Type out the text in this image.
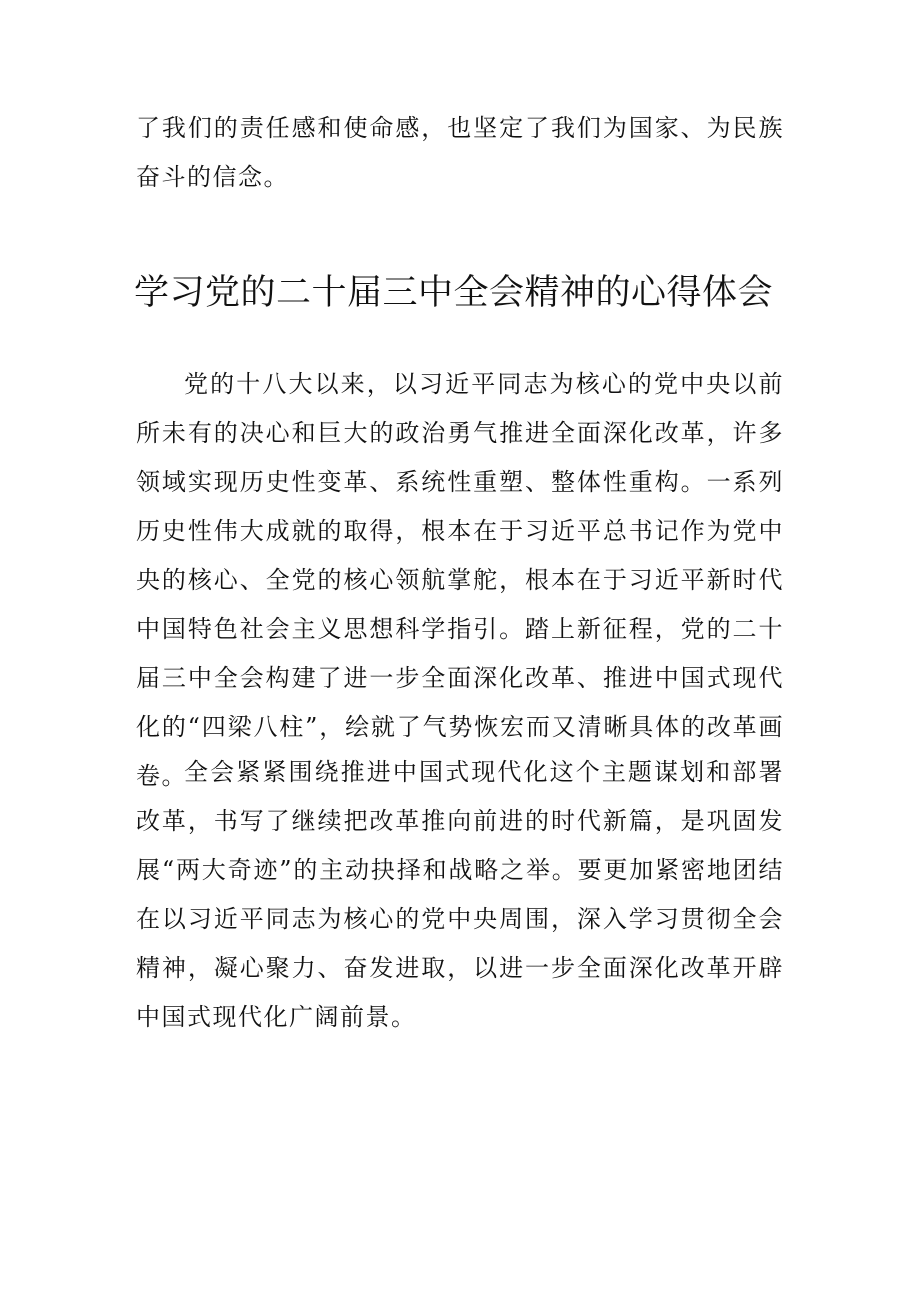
了我们的责任感和使命感，也坚定了我们为国家、为民族奋斗的信念。

学习党的二十届三中全会精神的心得体会

党的十八大以来，以习近平同志为核心的党中央以前所未有的决心和巨大的政治勇气推进全面深化改革，许多领域实现历史性变革、系统性重塑、整体性重构。一系列历史性伟大成就的取得，根本在于习近平总书记作为党中央的核心、全党的核心领航掌舵，根本在于习近平新时代中国特色社会主义思想科学指引。踏上新征程，党的二十届三中全会构建了进一步全面深化改革、推进中国式现代化的“四梁八柱”，绘就了气势恢宏而又清晰具体的改革画卷。

全会紧紧围绕推进中国式现代化这个主题谋划和部署改革，书写了继续把改革推向前进的时代新篇，是巩固发展“两大奇迹”的主动抉择和战略之举。要更加紧密地团结在以习近平同志为核心的党中央周围，深入学习贯彻全会精神，凝心聚力、奋发进取，以进一步全面深化改革开辟中国式现代化广阔前景。
